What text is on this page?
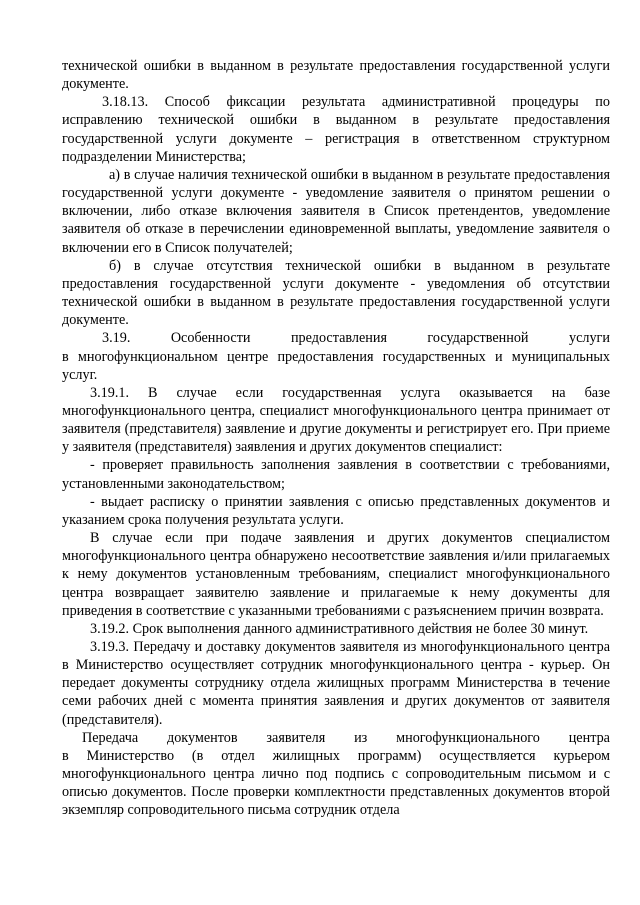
технической ошибки в выданном в результате предоставления государственной услуги документе.

3.18.13. Способ фиксации результата административной процедуры по исправлению технической ошибки в выданном в результате предоставления государственной услуги документе – регистрация в ответственном структурном подразделении Министерства;

а) в случае наличия технической ошибки в выданном в результате предоставления государственной услуги документе - уведомление заявителя о принятом решении о включении, либо отказе включения заявителя в Список претендентов, уведомление заявителя об отказе в перечислении единовременной выплаты, уведомление заявителя о включении его в Список получателей;

б) в случае отсутствия технической ошибки в выданном в результате предоставления государственной услуги документе - уведомления об отсутствии технической ошибки в выданном в результате предоставления государственной услуги документе.

3.19.	Особенности	предоставления	государственной	услуги

в многофункциональном центре предоставления государственных и муниципальных услуг.

3.19.1. В случае если государственная услуга оказывается на базе многофункционального центра, специалист многофункционального центра принимает от заявителя (представителя) заявление и другие документы и регистрирует его. При приеме у заявителя (представителя) заявления и других документов специалист:

- проверяет правильность заполнения заявления в соответствии с требованиями, установленными законодательством;

- выдает расписку о принятии заявления с описью представленных документов и указанием срока получения результата услуги.

В случае если при подаче заявления и других документов специалистом многофункционального центра обнаружено несоответствие заявления и/или прилагаемых к нему документов установленным требованиям, специалист многофункционального центра возвращает заявителю заявление и прилагаемые к нему документы для приведения в соответствие с указанными требованиями с разъяснением причин возврата.

3.19.2. Срок выполнения данного административного действия не более 30 минут.

3.19.3. Передачу и доставку документов заявителя из многофункционального центра в Министерство осуществляет сотрудник многофункционального центра - курьер. Он передает документы сотруднику отдела жилищных программ Министерства в течение семи рабочих дней с момента принятия заявления и других документов от заявителя (представителя).

Передача документов заявителя из многофункционального центра

в Министерство (в отдел жилищных программ) осуществляется курьером многофункционального центра лично под подпись с сопроводительным письмом и с описью документов. После проверки комплектности представленных документов второй экземпляр сопроводительного письма сотрудник отдела
